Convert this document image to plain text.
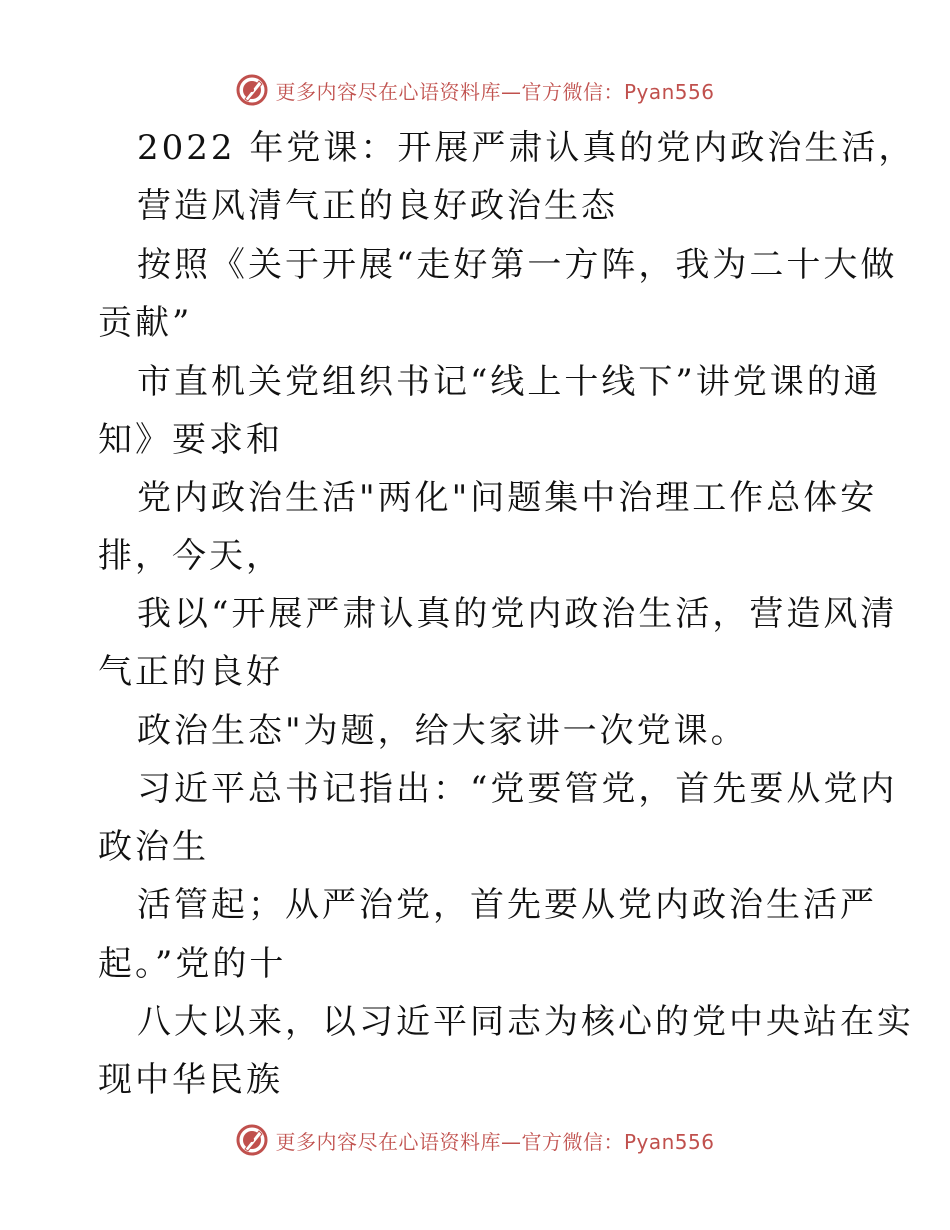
更多内容尽在心语资料库—官方微信：Pyan556
2022 年党课：开展严肃认真的党内政治生活，
营造风清气正的良好政治生态
按照《关于开展“走好第一方阵，我为二十大做
贡献”
市直机关党组织书记“线上十线下”讲党课的通
知》要求和
党内政治生活"两化"问题集中治理工作总体安
排，今天，
我以“开展严肃认真的党内政治生活，营造风清
气正的良好
政治生态"为题，给大家讲一次党课。
习近平总书记指出：“党要管党，首先要从党内
政治生
活管起；从严治党，首先要从党内政治生活严
起。”党的十
八大以来，以习近平同志为核心的党中央站在实
现中华民族
更多内容尽在心语资料库—官方微信：Pyan556
